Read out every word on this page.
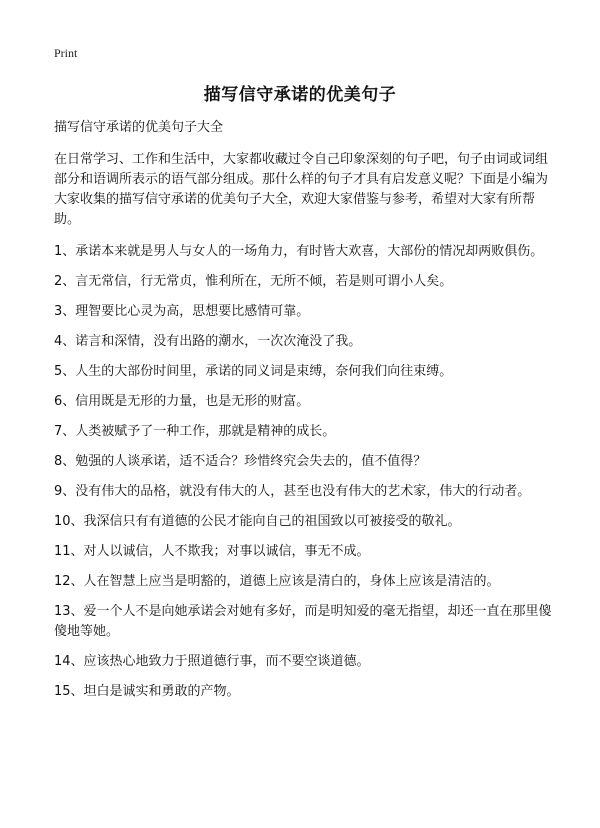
Print
描写信守承诺的优美句子

描写信守承诺的优美句子大全

在日常学习、工作和生活中，大家都收藏过令自己印象深刻的句子吧，句子由词或词组部分和语调所表示的语气部分组成。那什么样的句子才具有启发意义呢？下面是小编为大家收集的描写信守承诺的优美句子大全，欢迎大家借鉴与参考，希望对大家有所帮助。

1、承诺本来就是男人与女人的一场角力，有时皆大欢喜，大部份的情况却两败俱伤。
2、言无常信，行无常贞，惟利所在，无所不倾，若是则可谓小人矣。
3、理智要比心灵为高，思想要比感情可靠。
4、诺言和深情，没有出路的潮水，一次次淹没了我。
5、人生的大部份时间里，承诺的同义词是束缚，奈何我们向往束缚。
6、信用既是无形的力量，也是无形的财富。
7、人类被赋予了一种工作，那就是精神的成长。
8、勉强的人谈承诺，适不适合？珍惜终究会失去的，值不值得？
9、没有伟大的品格，就没有伟大的人，甚至也没有伟大的艺术家，伟大的行动者。
10、我深信只有有道德的公民才能向自己的祖国致以可被接受的敬礼。
11、对人以诚信，人不欺我；对事以诚信，事无不成。
12、人在智慧上应当是明豁的，道德上应该是清白的，身体上应该是清洁的。
13、爱一个人不是向她承诺会对她有多好，而是明知爱的毫无指望，却还一直在那里傻傻地等她。
14、应该热心地致力于照道德行事，而不要空谈道德。
15、坦白是诚实和勇敢的产物。
